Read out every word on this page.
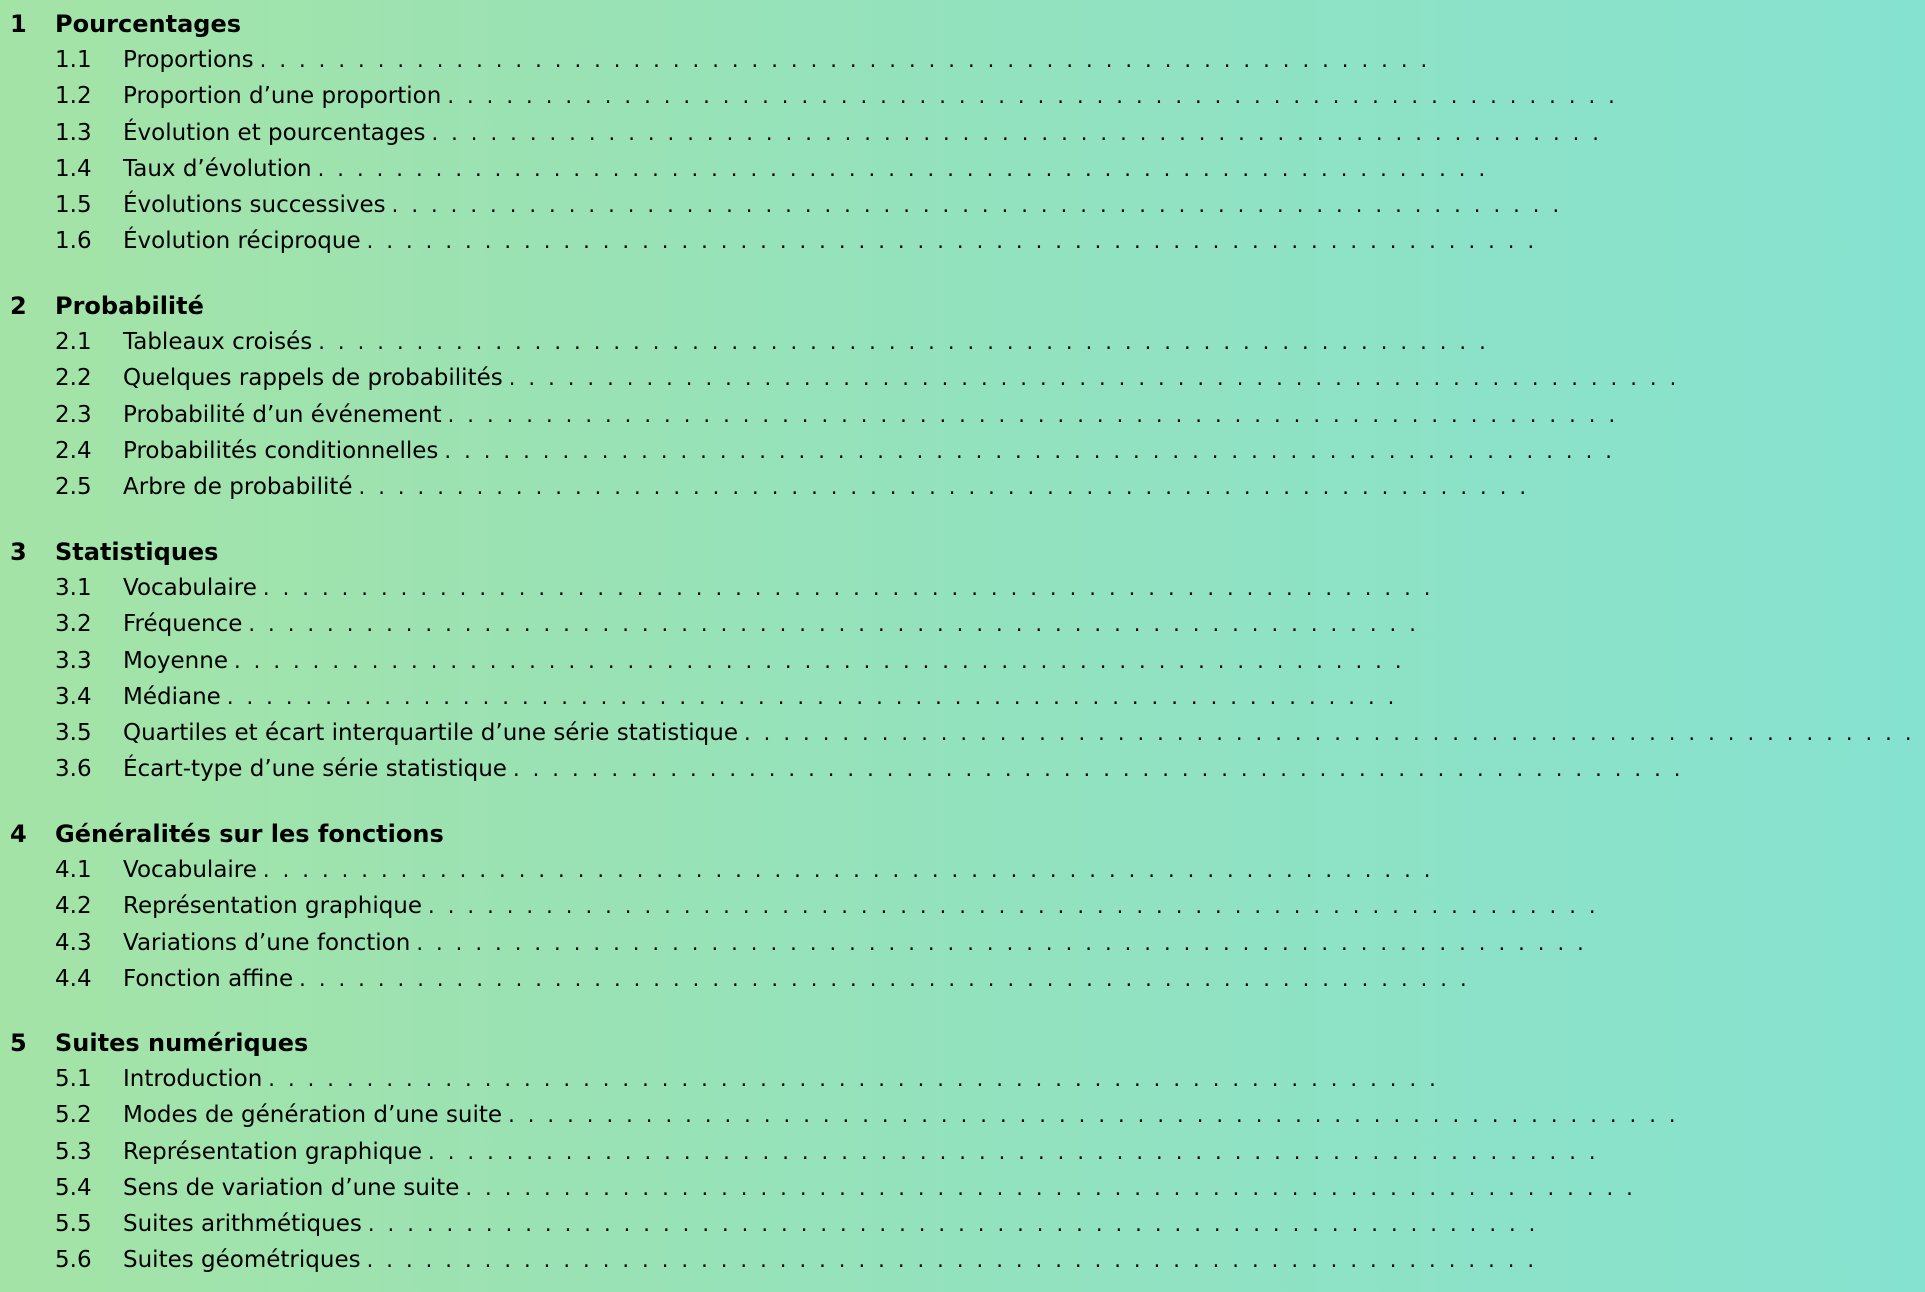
1 Pourcentages
1.1 Proportions ............................................................
1.2 Proportion d’une proportion ............................................................
1.3 Évolution et pourcentages ............................................................
1.4 Taux d’évolution ............................................................
1.5 Évolutions successives ............................................................
1.6 Évolution réciproque ............................................................
2 Probabilité
2.1 Tableaux croisés ............................................................
2.2 Quelques rappels de probabilités ............................................................
2.3 Probabilité d’un événement ............................................................
2.4 Probabilités conditionnelles ............................................................
2.5 Arbre de probabilité ............................................................
3 Statistiques
3.1 Vocabulaire ............................................................
3.2 Fréquence ............................................................
3.3 Moyenne ............................................................
3.4 Médiane ............................................................
3.5 Quartiles et écart interquartile d’une série statistique ............................................................
3.6 Écart-type d’une série statistique ............................................................
4 Généralités sur les fonctions
4.1 Vocabulaire ............................................................
4.2 Représentation graphique ............................................................
4.3 Variations d’une fonction ............................................................
4.4 Fonction affine ............................................................
5 Suites numériques
5.1 Introduction ............................................................
5.2 Modes de génération d’une suite ............................................................
5.3 Représentation graphique ............................................................
5.4 Sens de variation d’une suite ............................................................
5.5 Suites arithmétiques ............................................................
5.6 Suites géométriques ............................................................
